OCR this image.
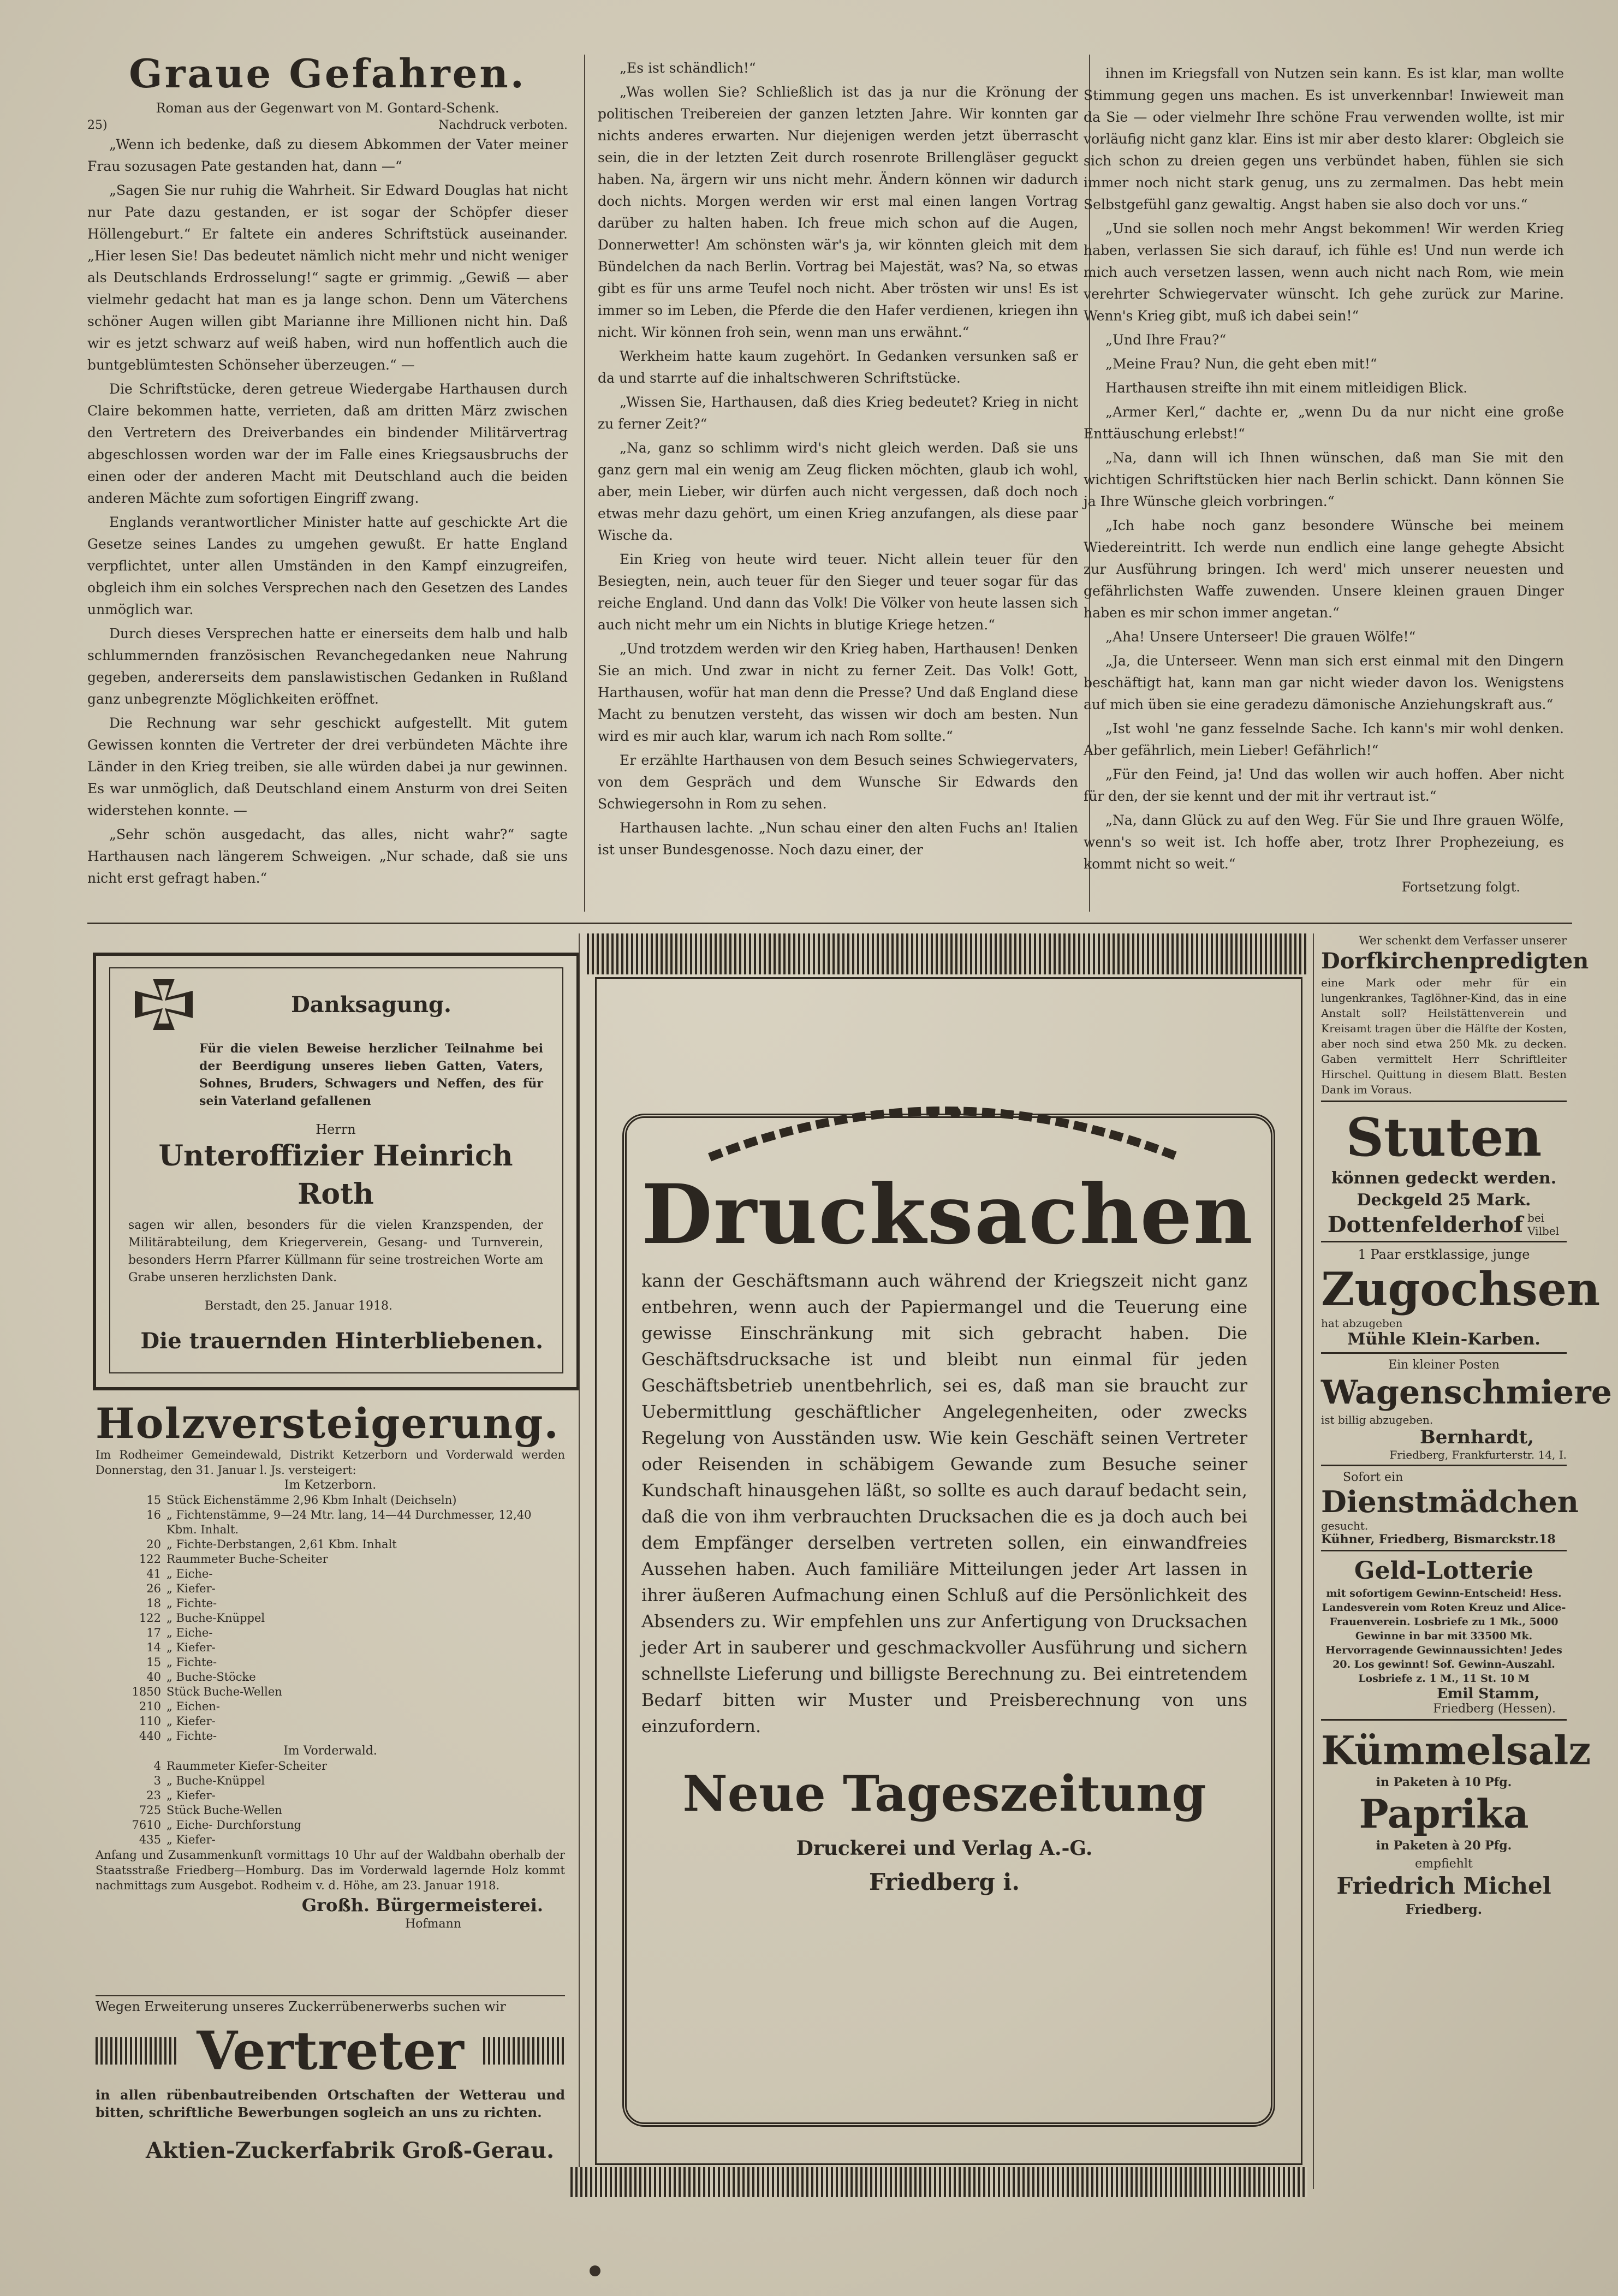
Graue Gefahren.
Roman aus der Gegenwart von M. Gontard-Schenk.
25)	Nachdruck verboten.

„Wenn ich bedenke, daß zu diesem Abkommen der Vater meiner Frau sozusagen Pate gestanden hat, dann —“

„Sagen Sie nur ruhig die Wahrheit. Sir Edward Douglas hat nicht nur Pate dazu gestanden, er ist sogar der Schöpfer dieser Höllengeburt.“ Er faltete ein anderes Schriftstück auseinander. „Hier lesen Sie! Das bedeutet nämlich nicht mehr und nicht weniger als Deutschlands Erdrosselung!“ sagte er grimmig. „Gewiß — aber vielmehr gedacht hat man es ja lange schon. Denn um Väterchens schöner Augen willen gibt Marianne ihre Millionen nicht hin. Daß wir es jetzt schwarz auf weiß haben, wird nun hoffentlich auch die buntgeblümtesten Schönseher überzeugen.“ —

Die Schriftstücke, deren getreue Wiedergabe Harthausen durch Claire bekommen hatte, verrieten, daß am dritten März zwischen den Vertretern des Dreiverbandes ein bindender Militärvertrag abgeschlossen worden war der im Falle eines Kriegsausbruchs der einen oder der anderen Macht mit Deutschland auch die beiden anderen Mächte zum sofortigen Eingriff zwang.

Englands verantwortlicher Minister hatte auf geschickte Art die Gesetze seines Landes zu umgehen gewußt. Er hatte England verpflichtet, unter allen Umständen in den Kampf einzugreifen, obgleich ihm ein solches Versprechen nach den Gesetzen des Landes unmöglich war.

Durch dieses Versprechen hatte er einerseits dem halb und halb schlummernden französischen Revanchegedanken neue Nahrung gegeben, andererseits dem panslawistischen Gedanken in Rußland ganz unbegrenzte Möglichkeiten eröffnet.

Die Rechnung war sehr geschickt aufgestellt. Mit gutem Gewissen konnten die Vertreter der drei verbündeten Mächte ihre Länder in den Krieg treiben, sie alle würden dabei ja nur gewinnen. Es war unmöglich, daß Deutschland einem Ansturm von drei Seiten widerstehen konnte. —

„Sehr schön ausgedacht, das alles, nicht wahr?“ sagte Harthausen nach längerem Schweigen. „Nur schade, daß sie uns nicht erst gefragt haben.“

„Es ist schändlich!“

„Was wollen Sie? Schließlich ist das ja nur die Krönung der politischen Treibereien der ganzen letzten Jahre. Wir konnten gar nichts anderes erwarten. Nur diejenigen werden jetzt überrascht sein, die in der letzten Zeit durch rosenrote Brillengläser geguckt haben. Na, ärgern wir uns nicht mehr. Ändern können wir dadurch doch nichts. Morgen werden wir erst mal einen langen Vortrag darüber zu halten haben. Ich freue mich schon auf die Augen, Donnerwetter! Am schönsten wär's ja, wir könnten gleich mit dem Bündelchen da nach Berlin. Vortrag bei Majestät, was? Na, so etwas gibt es für uns arme Teufel noch nicht. Aber trösten wir uns! Es ist immer so im Leben, die Pferde die den Hafer verdienen, kriegen ihn nicht. Wir können froh sein, wenn man uns erwähnt.“

Werkheim hatte kaum zugehört. In Gedanken versunken saß er da und starrte auf die inhaltschweren Schriftstücke.

„Wissen Sie, Harthausen, daß dies Krieg bedeutet? Krieg in nicht zu ferner Zeit?“

„Na, ganz so schlimm wird's nicht gleich werden. Daß sie uns ganz gern mal ein wenig am Zeug flicken möchten, glaub ich wohl, aber, mein Lieber, wir dürfen auch nicht vergessen, daß doch noch etwas mehr dazu gehört, um einen Krieg anzufangen, als diese paar Wische da.

Ein Krieg von heute wird teuer. Nicht allein teuer für den Besiegten, nein, auch teuer für den Sieger und teuer sogar für das reiche England. Und dann das Volk! Die Völker von heute lassen sich auch nicht mehr um ein Nichts in blutige Kriege hetzen.“

„Und trotzdem werden wir den Krieg haben, Harthausen! Denken Sie an mich. Und zwar in nicht zu ferner Zeit. Das Volk! Gott, Harthausen, wofür hat man denn die Presse? Und daß England diese Macht zu benutzen versteht, das wissen wir doch am besten. Nun wird es mir auch klar, warum ich nach Rom sollte.“

Er erzählte Harthausen von dem Besuch seines Schwiegervaters, von dem Gespräch und dem Wunsche Sir Edwards den Schwiegersohn in Rom zu sehen.

Harthausen lachte. „Nun schau einer den alten Fuchs an! Italien ist unser Bundesgenosse. Noch dazu einer, der

ihnen im Kriegsfall von Nutzen sein kann. Es ist klar, man wollte Stimmung gegen uns machen. Es ist unverkennbar! Inwieweit man da Sie — oder vielmehr Ihre schöne Frau verwenden wollte, ist mir vorläufig nicht ganz klar. Eins ist mir aber desto klarer: Obgleich sie sich schon zu dreien gegen uns verbündet haben, fühlen sie sich immer noch nicht stark genug, uns zu zermalmen. Das hebt mein Selbstgefühl ganz gewaltig. Angst haben sie also doch vor uns.“

„Und sie sollen noch mehr Angst bekommen! Wir werden Krieg haben, verlassen Sie sich darauf, ich fühle es! Und nun werde ich mich auch versetzen lassen, wenn auch nicht nach Rom, wie mein verehrter Schwiegervater wünscht. Ich gehe zurück zur Marine. Wenn's Krieg gibt, muß ich dabei sein!“

„Und Ihre Frau?“

„Meine Frau? Nun, die geht eben mit!“

Harthausen streifte ihn mit einem mitleidigen Blick.

„Armer Kerl,“ dachte er, „wenn Du da nur nicht eine große Enttäuschung erlebst!“

„Na, dann will ich Ihnen wünschen, daß man Sie mit den wichtigen Schriftstücken hier nach Berlin schickt. Dann können Sie ja Ihre Wünsche gleich vorbringen.“

„Ich habe noch ganz besondere Wünsche bei meinem Wiedereintritt. Ich werde nun endlich eine lange gehegte Absicht zur Ausführung bringen. Ich werd' mich unserer neuesten und gefährlichsten Waffe zuwenden. Unsere kleinen grauen Dinger haben es mir schon immer angetan.“

„Aha! Unsere Unterseer! Die grauen Wölfe!“

„Ja, die Unterseer. Wenn man sich erst einmal mit den Dingern beschäftigt hat, kann man gar nicht wieder davon los. Wenigstens auf mich üben sie eine geradezu dämonische Anziehungskraft aus.“

„Ist wohl 'ne ganz fesselnde Sache. Ich kann's mir wohl denken. Aber gefährlich, mein Lieber! Gefährlich!“

„Für den Feind, ja! Und das wollen wir auch hoffen. Aber nicht für den, der sie kennt und der mit ihr vertraut ist.“

„Na, dann Glück zu auf den Weg. Für Sie und Ihre grauen Wölfe, wenn's so weit ist. Ich hoffe aber, trotz Ihrer Prophezeiung, es kommt nicht so weit.“

Fortsetzung folgt.
Danksagung.
Für die vielen Beweise herzlicher Teilnahme bei der Beerdigung unseres lieben Gatten, Vaters, Sohnes, Bruders, Schwagers und Neffen, des für sein Vaterland gefallenen
Herrn
Unteroffizier Heinrich Roth
sagen wir allen, besonders für die vielen Kranzspenden, der Militärabteilung, dem Kriegerverein, Gesang- und Turnverein, besonders Herrn Pfarrer Küllmann für seine trostreichen Worte am Grabe unseren herzlichsten Dank.
Berstadt, den 25. Januar 1918.
Die trauernden Hinterbliebenen.
Holzversteigerung.
Im Rodheimer Gemeindewald, Distrikt Ketzerborn und Vorderwald werden Donnerstag, den 31. Januar l. Js. versteigert:
Im Ketzerborn.
15 Stück Eichenstämme 2,96 Kbm Inhalt (Deichseln)
16 „ Fichtenstämme, 9—24 Mtr. lang, 14—44 Durchmesser, 12,40 Kbm. Inhalt.
20 „ Fichte-Derbstangen, 2,61 Kbm. Inhalt
122 Raummeter Buche-Scheiter
41 „ Eiche-
26 „ Kiefer-
18 „ Fichte-
122 „ Buche-Knüppel
17 „ Eiche-
14 „ Kiefer-
15 „ Fichte-
40 „ Buche-Stöcke
1850 Stück Buche-Wellen
210 „ Eichen-
110 „ Kiefer-
440 „ Fichte-
Im Vorderwald.
4 Raummeter Kiefer-Scheiter
3 „ Buche-Knüppel
23 „ Kiefer-
725 Stück Buche-Wellen
7610 „ Eiche- Durchforstung
435 „ Kiefer-
Anfang und Zusammenkunft vormittags 10 Uhr auf der Waldbahn oberhalb der Staatsstraße Friedberg—Homburg. Das im Vorderwald lagernde Holz kommt nachmittags zum Ausgebot. Rodheim v. d. Höhe, am 23. Januar 1918.
Großh. Bürgermeisterei.
Hofmann
Wegen Erweiterung unseres Zuckerrübenerwerbs suchen wir
Vertreter
in allen rübenbautreibenden Ortschaften der Wetterau und bitten, schriftliche Bewerbungen sogleich an uns zu richten.
Aktien-Zuckerfabrik Groß-Gerau.
Drucksachen
kann der Geschäftsmann auch während der Kriegszeit nicht ganz entbehren, wenn auch der Papiermangel und die Teuerung eine gewisse Einschränkung mit sich gebracht haben. Die Geschäftsdrucksache ist und bleibt nun einmal für jeden Geschäftsbetrieb unentbehrlich, sei es, daß man sie braucht zur Uebermittlung geschäftlicher Angelegenheiten, oder zwecks Regelung von Ausständen usw. Wie kein Geschäft seinen Vertreter oder Reisenden in schäbigem Gewande zum Besuche seiner Kundschaft hinausgehen läßt, so sollte es auch darauf bedacht sein, daß die von ihm verbrauchten Drucksachen die es ja doch auch bei dem Empfänger derselben vertreten sollen, ein einwandfreies Aussehen haben. Auch familiäre Mitteilungen jeder Art lassen in ihrer äußeren Aufmachung einen Schluß auf die Persönlichkeit des Absenders zu. Wir empfehlen uns zur Anfertigung von Drucksachen jeder Art in sauberer und geschmackvoller Ausführung und sichern schnellste Lieferung und billigste Berechnung zu. Bei eintretendem Bedarf bitten wir Muster und Preisberechnung von uns einzufordern.
Neue Tageszeitung
Druckerei und Verlag A.-G.
Friedberg i.
Wer schenkt dem Verfasser unserer
Dorfkirchenpredigten
eine Mark oder mehr für ein lungenkrankes, Taglöhner-Kind, das in eine Anstalt soll? Heilstättenverein und Kreisamt tragen über die Hälfte der Kosten, aber noch sind etwa 250 Mk. zu decken. Gaben vermittelt Herr Schriftleiter Hirschel. Quittung in diesem Blatt. Besten Dank im Voraus.
Stuten
können gedeckt werden.
Deckgeld 25 Mark.
Dottenfelderhof bei Vilbel
1 Paar erstklassige, junge
Zugochsen
hat abzugeben
Mühle Klein-Karben.
Ein kleiner Posten
Wagenschmiere
ist billig abzugeben.
Bernhardt,
Friedberg, Frankfurterstr. 14, I.
Sofort ein
Dienstmädchen
gesucht.
Kühner, Friedberg, Bismarckstr.18
Geld-Lotterie
mit sofortigem Gewinn-Entscheid! Hess. Landesverein vom Roten Kreuz und Alice-Frauenverein. Losbriefe zu 1 Mk., 5000 Gewinne in bar mit 33500 Mk. Hervorragende Gewinnaussichten! Jedes 20. Los gewinnt! Sof. Gewinn-Auszahl. Losbriefe z. 1 M., 11 St. 10 M
Emil Stamm,
Friedberg (Hessen).
Kümmelsalz
in Paketen à 10 Pfg.
Paprika
in Paketen à 20 Pfg.
empfiehlt
Friedrich Michel
Friedberg.
